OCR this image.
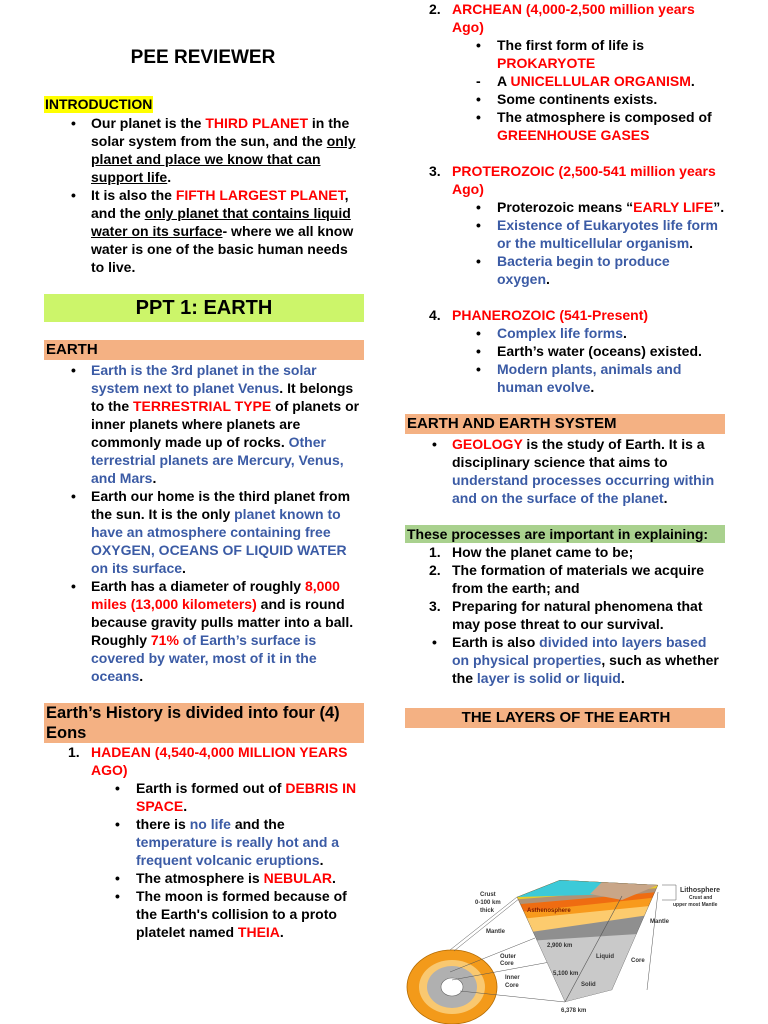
PEE REVIEWER
INTRODUCTION
• Our planet is the THIRD PLANET in the solar system from the sun, and the only planet and place we know that can support life.
• It is also the FIFTH LARGEST PLANET, and the only planet that contains liquid water on its surface- where we all know water is one of the basic human needs to live.
PPT 1: EARTH
EARTH
• Earth is the 3rd planet in the solar system next to planet Venus. It belongs to the TERRESTRIAL TYPE of planets or inner planets where planets are commonly made up of rocks. Other terrestrial planets are Mercury, Venus, and Mars.
• Earth our home is the third planet from the sun. It is the only planet known to have an atmosphere containing free OXYGEN, OCEANS OF LIQUID WATER on its surface.
• Earth has a diameter of roughly 8,000 miles (13,000 kilometers) and is round because gravity pulls matter into a ball. Roughly 71% of Earth’s surface is covered by water, most of it in the oceans.
Earth’s History is divided into four (4) Eons
1. HADEAN (4,540-4,000 MILLION YEARS AGO)
• Earth is formed out of DEBRIS IN SPACE.
• there is no life and the temperature is really hot and a frequent volcanic eruptions.
• The atmosphere is NEBULAR.
• The moon is formed because of the Earth's collision to a proto platelet named THEIA.
2. ARCHEAN (4,000-2,500 million years Ago)
• The first form of life is PROKARYOTE
- A UNICELLULAR ORGANISM.
• Some continents exists.
• The atmosphere is composed of GREENHOUSE GASES
3. PROTEROZOIC (2,500-541 million years Ago)
• Proterozoic means “EARLY LIFE”.
• Existence of Eukaryotes life form or the multicellular organism.
• Bacteria begin to produce oxygen.
4. PHANEROZOIC (541-Present)
• Complex life forms.
• Earth’s water (oceans) existed.
• Modern plants, animals and human evolve.
EARTH AND EARTH SYSTEM
• GEOLOGY is the study of Earth. It is a disciplinary science that aims to understand processes occurring within and on the surface of the planet.
These processes are important in explaining:
1. How the planet came to be;
2. The formation of materials we acquire from the earth; and
3. Preparing for natural phenomena that may pose threat to our survival.
• Earth is also divided into layers based on physical properties, such as whether the layer is solid or liquid.
THE LAYERS OF THE EARTH
Crust
0-100 km
thick	Asthenosphere
Mantle
Outer
Core
Inner
Core
2,900 km
Liquid
5,100 km
Solid
6,378 km
Lithosphere
Crust and
upper most Mantle
Mantle
Core
